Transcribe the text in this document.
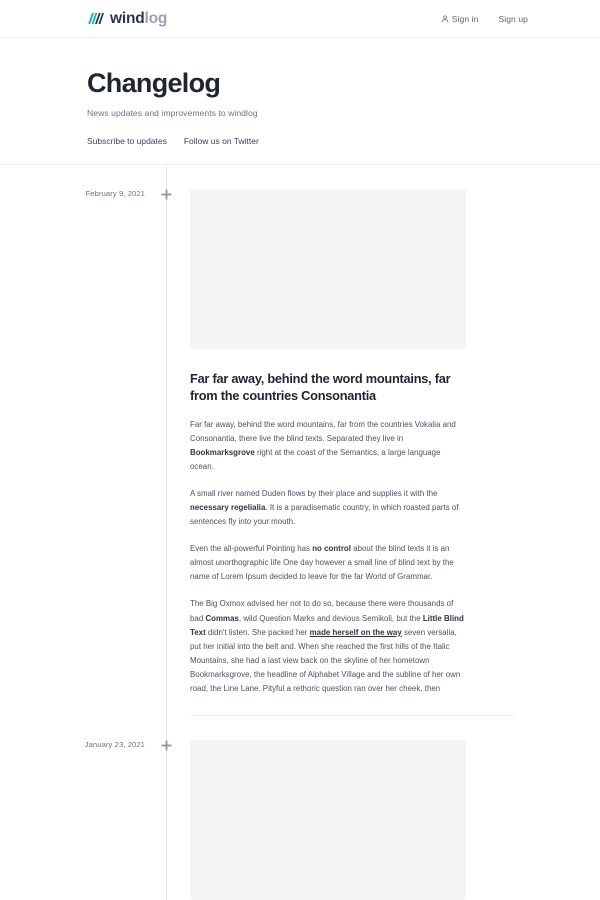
windlog	Sign in Sign up
Changelog

News updates and improvements to windlog

Subscribe to updates Follow us on Twitter
February 9, 2021
Far far away, behind the word mountains, far from the countries Consonantia

Far far away, behind the word mountains, far from the countries Vokalia and Consonantia, there live the blind texts. Separated they live in Bookmarksgrove right at the coast of the Semantics, a large language ocean.

A small river named Duden flows by their place and supplies it with the necessary regelialia. It is a paradisematic country, in which roasted parts of sentences fly into your mouth.

Even the all-powerful Pointing has no control about the blind texts it is an almost unorthographic life One day however a small line of blind text by the name of Lorem Ipsum decided to leave for the far World of Grammar.

The Big Oxmox advised her not to do so, because there were thousands of bad Commas, wild Question Marks and devious Semikoli, but the Little Blind Text didn't listen. She packed her made herself on the way seven versalia, put her initial into the belt and. When she reached the first hills of the Italic Mountains, she had a last view back on the skyline of her hometown Bookmarksgrove, the headline of Alphabet Village and the subline of her own road, the Line Lane. Pityful a rethoric question ran over her cheek, then

January 23, 2021
